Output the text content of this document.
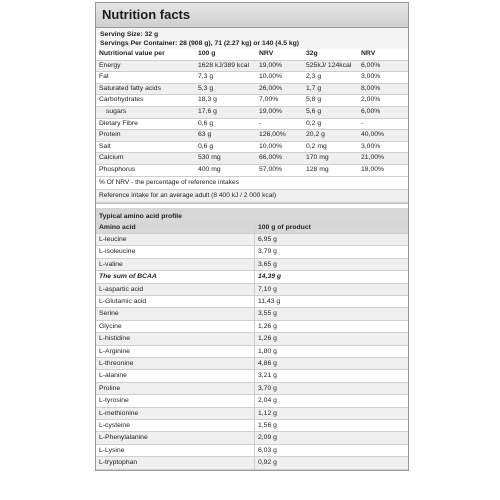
Nutrition facts
Serving Size: 32 g
Servings Per Container: 28 (908 g), 71 (2.27 kg) or 140 (4.5 kg)
Nutritional value per	100 g	NRV	32g	NRV
Energy	1628 kJ/389 kcal	19,00%	525kJ/ 124kcal	6,00%
Fat	7,3 g	10,00%	2,3 g	3,00%
Saturated fatty acids	5,3 g	26,00%	1,7 g	8,00%
Carbohydrates	18,3 g	7,00%	5,8 g	2,00%
sugars	17,6 g	19,00%	5,6 g	6,00%
Dietary Fibre	0,6 g	-	0,2 g	-
Protein	63 g	126,00%	20,2 g	40,00%
Salt	0,6 g	10,00%	0,2 mg	3,00%
Calcium	530 mg	66,00%	170 mg	21,00%
Phosphorus	400 mg	57,00%	128 mg	18,00%
% Of NRV - the percentage of reference intakes
Reference intake for an average adult (8 400 kJ / 2 000 kcal)
Typical amino acid profile
Amino acid	100 g of product
L-leucine	6,95 g
L-isoleucine	3,79 g
L-valine	3,65 g
The sum of BCAA	14,39 g
L-aspartic acid	7,10 g
L-Glutamic acid	11,43 g
Serine	3,55 g
Glycine	1,26 g
L-histidine	1,26 g
L-Arginine	1,80 g
L-threonine	4,86 g
L-alanine	3,21 g
Proline	3,70 g
L-tyrosine	2,04 g
L-methionine	1,12 g
L-cysteine	1,56 g
L-Phenylalanine	2,09 g
L-Lysine	6,03 g
L-tryptophan	0,92 g
